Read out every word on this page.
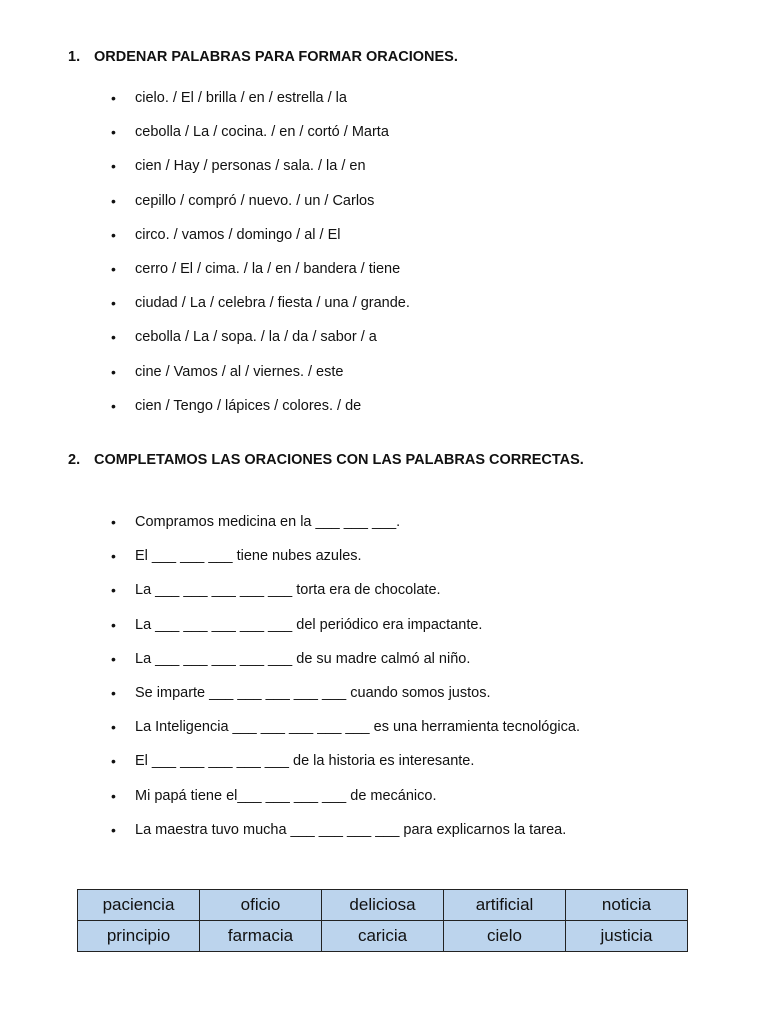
1. ORDENAR PALABRAS PARA FORMAR ORACIONES.
•	cielo. / El / brilla / en / estrella / la
•	cebolla / La / cocina. / en / cortó / Marta
•	cien / Hay / personas / sala. / la / en
•	cepillo / compró / nuevo. / un / Carlos
•	circo. / vamos / domingo / al / El
•	cerro / El / cima. / la / en / bandera / tiene
•	ciudad / La / celebra / fiesta / una / grande.
•	cebolla / La / sopa. / la / da / sabor / a
•	cine / Vamos / al / viernes. / este
•	cien / Tengo / lápices / colores. / de
2. COMPLETAMOS LAS ORACIONES CON LAS PALABRAS CORRECTAS.
•	Compramos medicina en la ___ ___ ___.
•	El ___ ___ ___ tiene nubes azules.
•	La ___ ___ ___ ___ ___ torta era de chocolate.
•	La ___ ___ ___ ___ ___ del periódico era impactante.
•	La ___ ___ ___ ___ ___ de su madre calmó al niño.
•	Se imparte ___ ___ ___ ___ ___ cuando somos justos.
•	La Inteligencia ___ ___ ___ ___ ___ es una herramienta tecnológica.
•	El ___ ___ ___ ___ ___ de la historia es interesante.
•	Mi papá tiene el___ ___ ___ ___ de mecánico.
•	La maestra tuvo mucha ___ ___ ___ ___ para explicarnos la tarea.
paciencia	oficio	deliciosa	artificial	noticia
principio	farmacia	caricia	cielo	justicia
